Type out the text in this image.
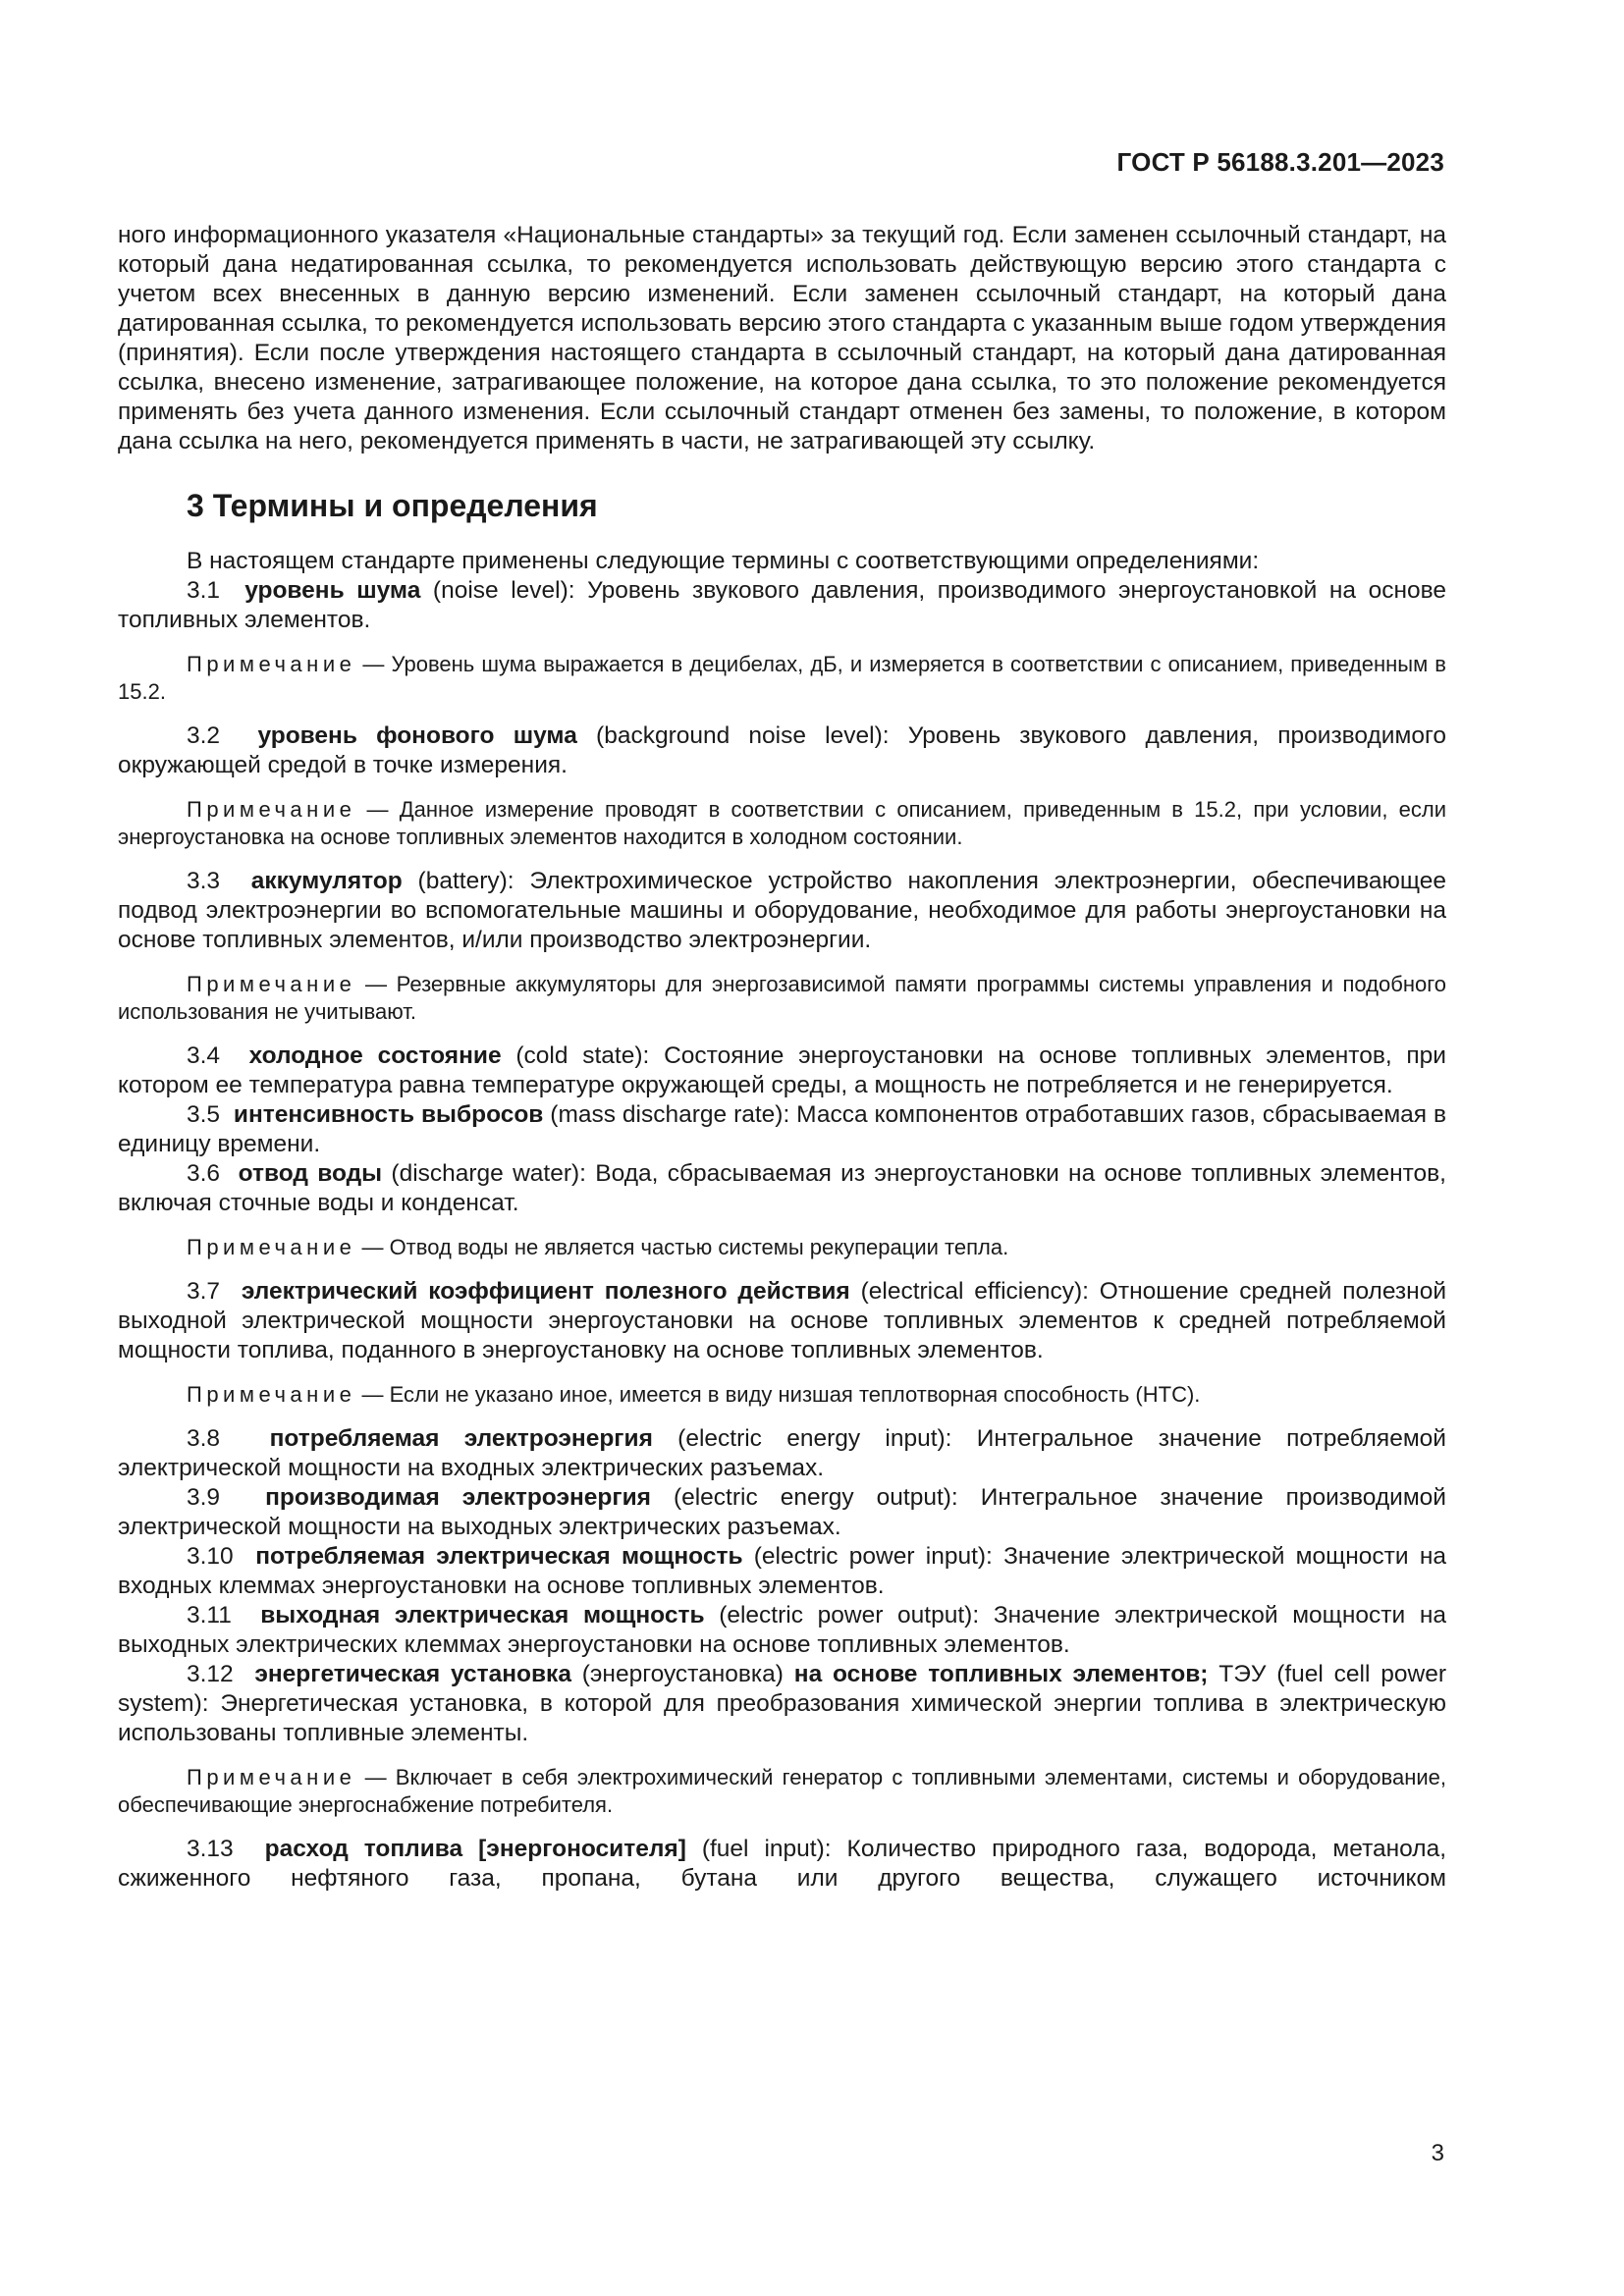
ГОСТ Р 56188.3.201—2023

ного информационного указателя «Национальные стандарты» за текущий год. Если заменен ссылочный стандарт, на который дана недатированная ссылка, то рекомендуется использовать действующую версию этого стандарта с учетом всех внесенных в данную версию изменений. Если заменен ссылочный стандарт, на который дана датированная ссылка, то рекомендуется использовать версию этого стандарта с указанным выше годом утверждения (принятия). Если после утверждения настоящего стандарта в ссылочный стандарт, на который дана датированная ссылка, внесено изменение, затрагивающее положение, на которое дана ссылка, то это положение рекомендуется применять без учета данного изменения. Если ссылочный стандарт отменен без замены, то положение, в котором дана ссылка на него, рекомендуется применять в части, не затрагивающей эту ссылку.

3 Термины и определения

В настоящем стандарте применены следующие термины с соответствующими определениями:

3.1 уровень шума (noise level): Уровень звукового давления, производимого энергоустановкой на основе топливных элементов.

Примечание — Уровень шума выражается в децибелах, дБ, и измеряется в соответствии с описанием, приведенным в 15.2.

3.2 уровень фонового шума (background noise level): Уровень звукового давления, производимого окружающей средой в точке измерения.

Примечание — Данное измерение проводят в соответствии с описанием, приведенным в 15.2, при условии, если энергоустановка на основе топливных элементов находится в холодном состоянии.

3.3 аккумулятор (battery): Электрохимическое устройство накопления электроэнергии, обеспечивающее подвод электроэнергии во вспомогательные машины и оборудование, необходимое для работы энергоустановки на основе топливных элементов, и/или производство электроэнергии.

Примечание — Резервные аккумуляторы для энергозависимой памяти программы системы управления и подобного использования не учитывают.

3.4 холодное состояние (cold state): Состояние энергоустановки на основе топливных элементов, при котором ее температура равна температуре окружающей среды, а мощность не потребляется и не генерируется.

3.5 интенсивность выбросов (mass discharge rate): Масса компонентов отработавших газов, сбрасываемая в единицу времени.

3.6 отвод воды (discharge water): Вода, сбрасываемая из энергоустановки на основе топливных элементов, включая сточные воды и конденсат.

Примечание — Отвод воды не является частью системы рекуперации тепла.

3.7 электрический коэффициент полезного действия (electrical efficiency): Отношение средней полезной выходной электрической мощности энергоустановки на основе топливных элементов к средней потребляемой мощности топлива, поданного в энергоустановку на основе топливных элементов.

Примечание — Если не указано иное, имеется в виду низшая теплотворная способность (НТС).

3.8 потребляемая электроэнергия (electric energy input): Интегральное значение потребляемой электрической мощности на входных электрических разъемах.

3.9 производимая электроэнергия (electric energy output): Интегральное значение производимой электрической мощности на выходных электрических разъемах.

3.10 потребляемая электрическая мощность (electric power input): Значение электрической мощности на входных клеммах энергоустановки на основе топливных элементов.

3.11 выходная электрическая мощность (electric power output): Значение электрической мощности на выходных электрических клеммах энергоустановки на основе топливных элементов.

3.12 энергетическая установка (энергоустановка) на основе топливных элементов; ТЭУ (fuel cell power system): Энергетическая установка, в которой для преобразования химической энергии топлива в электрическую использованы топливные элементы.

Примечание — Включает в себя электрохимический генератор с топливными элементами, системы и оборудование, обеспечивающие энергоснабжение потребителя.

3.13 расход топлива [энергоносителя] (fuel input): Количество природного газа, водорода, метанола, сжиженного нефтяного газа, пропана, бутана или другого вещества, служащего источником

3
